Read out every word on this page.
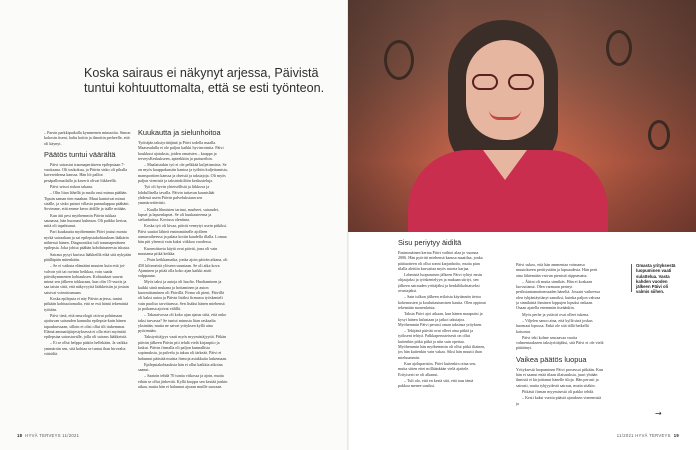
Koska sairaus ei näkynyt arjessa, Päivistä tuntui kohtuuttomalta, että se esti työnteon.

– Parsin parkkipaikalla kymmenen minuuttia. Simon kokosin itseni, haltu koitin ja ilmoitin perheelle, että oli käynyt.

Päätös tuntui väärältä

Päivi sairastui traumaperäiseen epilepsiaan 7-vuotiaana. Oli toukokuu, ja Päivin sisko oli pihalla kavereidensa kanssa. Hän löi palloa pesäpallomailalla ja kaverit olivat liikkeellä.

Päivi seisoi siskon takana.

– Olin liian lähellä ja maila osui minua päähän. Tipuin saman tien maahan. Muut kantoivat minut sisälle, ja sisko painoi villasta pannulappua päähäni. Sovimme, että emme kerro äidille ja isälle mitään.

Kun äiti pesi myöhemmin Päivin tukkaa saunassa, hän huomasi kuhmun. Oli paikko kertoa, mitä oli tapahtunut.

Pari kuukautta myöhemmin Päivi joutui monta nyrkä sairaalaan ja sai epilepsiakohtauksen lääkärin nähtessä hänen. Diagnoosiksi tuli traumaperäinen epilepsia. Joka johtui päähän kohdistuneesta iskusta.

Sairaus pysyi kurissa lääkkeillä eikä sitä nykyään päälläpäin mitenkään.

– Se ei vaikuta elämääni muuten kuin että joi-valvon yöt tai ravinto heikkaa, voin saada päiväkymmenen kohtauksen. Kohtaukset saavat minut sen jälkeen tokkuraan, kun olin 15-vuotis ja saa taisin siitä, että näkyvyyttä lääkkeisiin ja jostain saisivat voimistumaan.

Koska epilepsia ei näy Päivin arjessa, tuntui pitkään kohtuuttomalta, että se esti häntä tekemästä työtään.

Päivi tietä, että neurologit ottivat pohtimaan ajoituvan sairauden kannalta epilepsia-kuin hänen tapauksessaan, silloin ei olisi ollut tilt tiukemmat. Elämä ammattijärjestyksessä ei olla ettei myöntää epilepsiaa sairastavalle, jolla oli sairaus lääkkeistä.

– Ei se ollut helppo päätös hellekään. Ja vaikka ymmärrän sen, sitä kohtaa se tuntui ihan hirvealta väärältä.

Kuukautta ja sielunhoitoa

Työttäjän taksiyrittäjänä ja Päivi todella maalla. Maaseudulla ei ole paljon kaikki hyvinvointia. Päivi koukkusi ajatuksia, joiden omaisten – kauppa ja terveysKeskukseen, apteekkiin ja partureihin.

– Maalaistakin työ ei ole pelkkää kuljettamista. Se on myös kauppakassiin kantoa ja työhön kuljettamista, mansporttien kanssa ja oheisiä ja taksiajoja. Oli myös paljon viemistä ja taksirinkilöön keskusteluja.

Työ oli hyvin yhteisöllistä ja liikkuva ja lohdullisella tavalla. Päivin tuttavan kaunisläät yhdessä usein Päivin palveluksiaan sen ymmärrettävästi.

– Kaulla lihmisten tarinat, murheet, sairaudet, lapset ja lapsenlapset. Se oli kuukauteensa ja sielunhoitoa. Koviusa olentinta.

Koska työ oli kivaa, päivät veneytyi usein pitkiksi. Päivi saattoi lähteä ensimmäiselle ajolleen aamuvaiheessa ja palata kotiin kaudella illalla. Lomaa hän piti yleensä vain kaksi viikkoa vuodessa.

Kuormittavia käytä ovat päivät, jona oli vain muutama pitkä keikka.

– Pisin keikkamatka, jonka ajoin päivän aikana, oli 450 kilometriä ylöseen suuntaan. Se oli aika kova. Ajaminen ja pitää olla koko ajan kaikki aistit valppaana.

Myös taksi ja autoja oli huolto. Huoltaminen ja kaikki siinä mukana ja hoitaminen ja auton kuormittaminen oli Päivillä. Firma oli pieni, Päivillä oli kaksi autoa ja Päivin lisäksi firmassa työskenteli vain puoliso tarvittaessa. Sen lisäksi hänen miehensä ja poikansa ajoivat välillä.

– Takaraivossa oli koko ajan ajatus siitä, että onko taksi turvassa? Se tuntui minusta liian raskaalta yksinään, mutta ne saivat yrityksen kyllä aina pyörimään.

Taksiyrittäjyys vaati myös myymistäjyyttä. Pitkän päivän jälkeen Päivin piti tehdä vielä kirjanpito ja laskut. Päivin firmalla oli paljon kunnallisia sopimuksia, ja palvelu ja takuu oli tärkeää. Päivi ei halunnut päästää muista firmoja asiakkaita laskemaan.

Epilepsiakohtauksia hän ei ollut kaikkia aikoina saanut.

– Saatoin tehdä 70 tuntia viikossa ja ajoin, mutta eihän se ollut järkevää. Kyllä kroppa sen kestää jonkin aikaa, mutta hän ei halunnut ajoaan muille suoraan.

Sisu periytyy äidiltä

Ensimmäinen kertaa Päivi vaihtoi alaa jo vuonna 2006. Hän pyöritti miehensä kanssa maatilaa, jonka päätuotteen oli ollut sonni karjanhoito, mutta pian tilalla alettiin kasvattaa myös nuorta karjaa.

Lehmistä luopumisen jälkeen Päivi ryhtyi ensin ohjaajaksi ja työskentelyyn ja mukaan siirtyi, sen jälkeen sairauden yrittäjäksi ja henkilökohtaiseksi avustajaksi.

– Sain tulkon jälkeen erilaista käytännön tietoa kokemusten ja kouluttautumisen kautta. Olen oppinut tekemään monenlaista.

Taksia Päivi ajoi aikaan, kun hänen maapaitsi ja kysyi hänen halustaan ja jatkoi taksiajoa. Myöhemmin Päivi perusti oman taksinsa yrityksen.

– Tekijänä päivää ovat olleet aina pitkiä ja työkseni tehtyä. Palkkaperusteisesti on ollut kuitenkin pitkä pitkä ja niin sain opettaa. Myöhemmin hän myöhemmin oli ollut pitkä iltainen, jos hän kuitenkin vain vakaa. Siksi hän muutti ihan mieluummin.

Kun ajoluparistin, Päivi kuitenkin ottaa sen, mutta sitten ettei milläänkään vielä ajattele. Erityisesti se oli alkanut.

– Tuli olo, että en kestä sitä, että taas tämä pakkoa menee uusiksi.

Päivi uskoo, että hän ammentaa voimansa muutokseen perittystään ja lapsuudesta. Hän perii aina lähtemään vaivun pienistä riippumatta.

– Äitini oli mutta sinnikäs. Hän ei koskaan luovuttanut. Olen varmaan perinyt periksiantamattomuuden häneltä. Jossain vaiheessa olen tyhjäntäyttänyt sanoiksi, kuinka paljon vahvaa ja sinnikästä ihminen loppujen lopuksi onkaan. Osaan ajatella enemmän itseäänkin.

Myös perhe ja ystävät ovat olleet tukena.

– Viljelen sanoo aina, että kyllä sinä joskus huomaat lopussa. Enkä ole sitä tällä hetkellä katsonut.

Päivi teki kolme seuraavaa vuotta valmentaakseen taksiyrittäjäksi, sitä Päivi ei ole vielä päättänyt.

Vaikea päätös luopua

Yrityksestä luopuminen Päivi prosessoi pitkään. Kun hän ei saanut enää tilaan tilaisuuksia, juuri yhtään ihmisiä ei kirjoittanut hänelle tiloja. Hän perusti ja sairasti, muita tyhjyydestä sairaus, mutta sitäkin.

Pitkästi firman myymisestä oli pakko tehdä.

– Kesti kaksi vuotta päästä ajatuksen vienemistä ja

Omasta yrityksestä luopuminen vaati sulattelua. Vasta kahden vuoden jälkeen Päivi oli valmis siihen.
→
18 HYVÄ TERVEYS 11/2021	11/2021 HYVÄ TERVEYS 19
